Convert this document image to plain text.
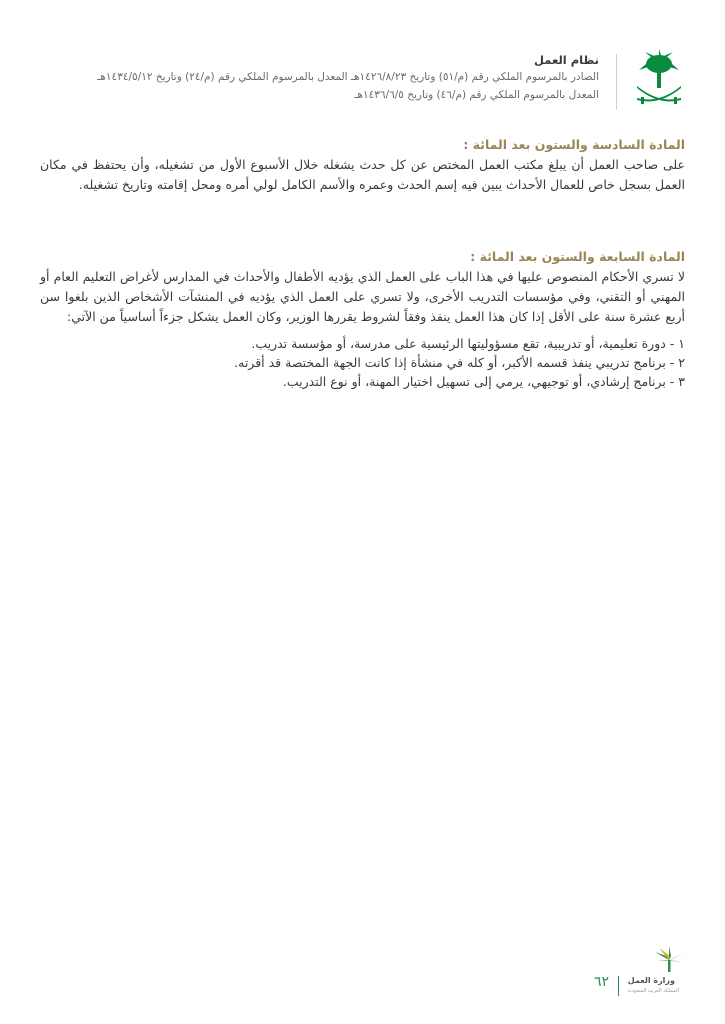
نظام العمل
الصادر بالمرسوم الملكي رقم (م/٥١) وتاريخ ١٤٢٦/٨/٢٣هـ المعدل بالمرسوم الملكي رقم (م/٢٤) وتاريخ ١٤٣٤/٥/١٢هـ
المعدل بالمرسوم الملكي رقم (م/٤٦) وتاريخ ١٤٣٦/٦/٥هـ
المادة السادسة والستون بعد المائة :
على صاحب العمل أن يبلغ مكتب العمل المختص عن كل حدث يشغله خلال الأسبوع الأول من تشغيله، وأن يحتفظ في مكان العمل بسجل خاص للعمال الأحداث يبين فيه إسم الحدث وعمره والأسم الكامل لولي أمره ومحل إقامته وتاريخ تشغيله.
المادة السابعة والستون بعد المائة :
لا تسري الأحكام المنصوص عليها في هذا الباب على العمل الذي يؤديه الأطفال والأحداث في المدارس لأغراض التعليم العام أو المهني أو التقني، وفي مؤسسات التدريب الأخرى، ولا تسري على العمل الذي يؤديه في المنشآت الأشخاص الذين بلغوا سن أربع عشرة سنة على الأقل إذا كان هذا العمل ينفذ وفقاً لشروط يقررها الوزير، وكان العمل يشكل جزءاً أساسياً من الآتي:
١ - دورة تعليمية، أو تدريبية، تقع مسؤوليتها الرئيسية على مدرسة، أو مؤسسة تدريب.
٢ - برنامج تدريبي ينفذ قسمه الأكبر، أو كله في منشأة إذا كانت الجهة المختصة قد أقرته.
٣ - برنامج إرشادي، أو توجيهي، يرمي إلى تسهيل اختيار المهنة، أو نوع التدريب.
وزارة العمل
المملكة العربية السعودية
٦٢
